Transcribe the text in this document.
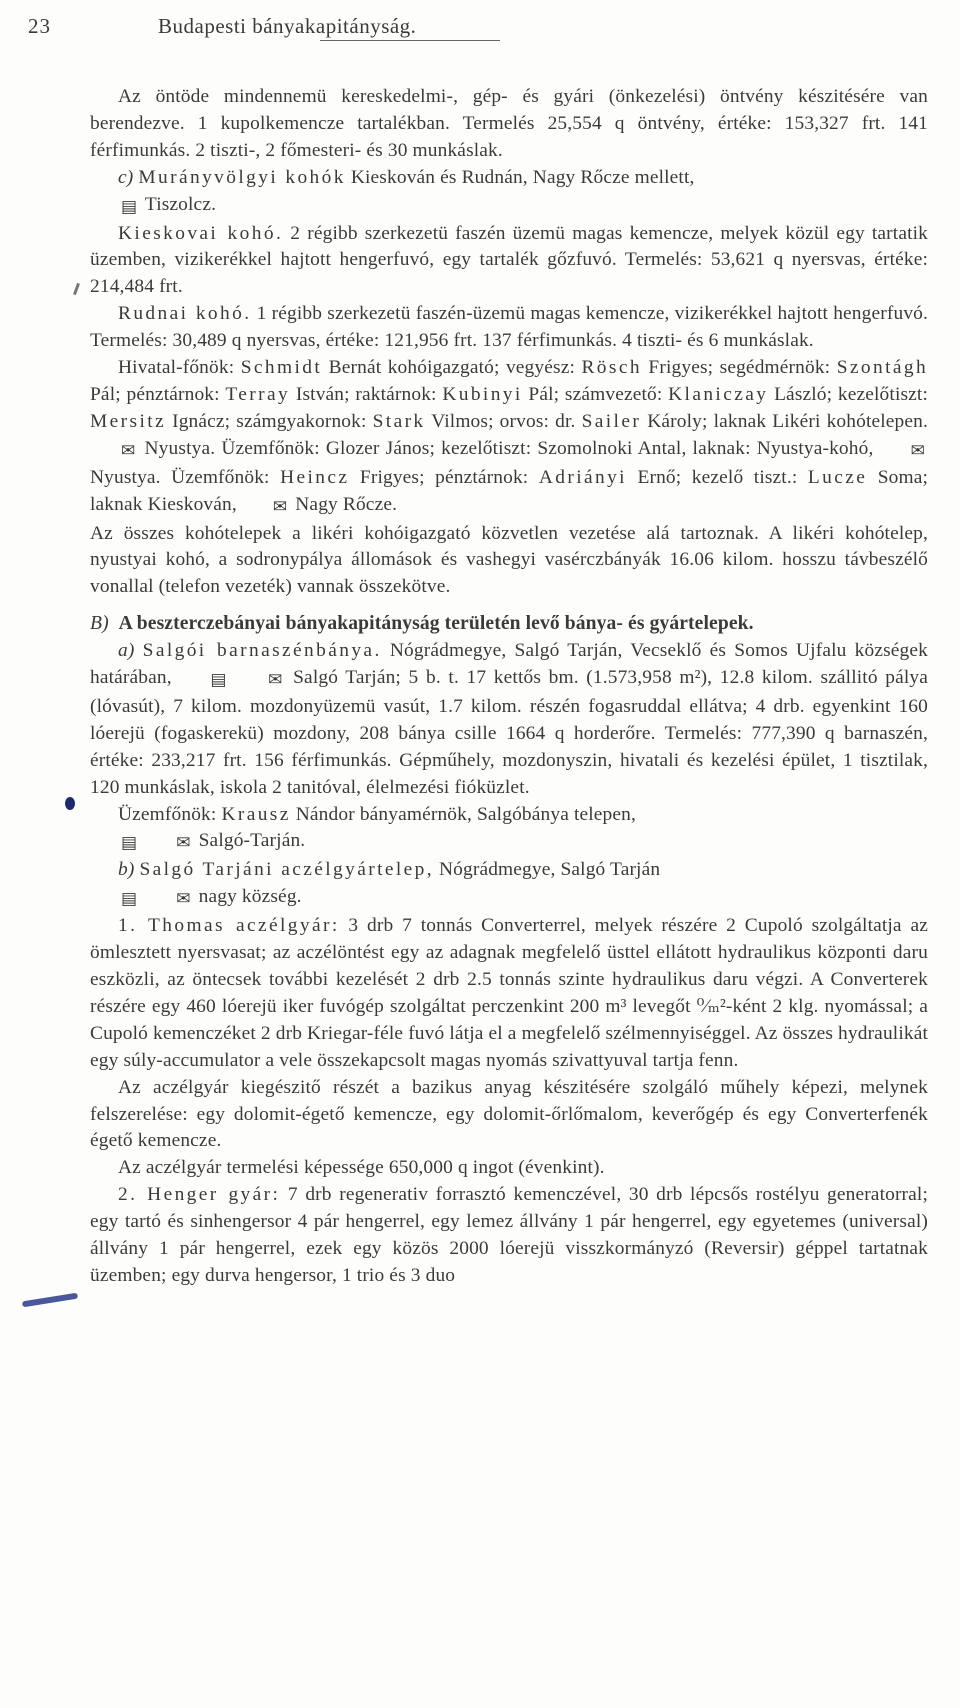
23	Budapesti bányakapitányság.

Az öntöde mindennemü kereskedelmi-, gép- és gyári (önkezelési) öntvény készitésére van berendezve. 1 kupolkemencze tartalékban. Termelés 25,554 q öntvény, értéke: 153,327 frt. 141 férfimunkás. 2 tiszti-, 2 főmesteri- és 30 munkáslak.

c) Murányvölgyi kohók Kieskován és Rudnán, Nagy Rőcze mellett,
▤ Tiszolcz.

Kieskovai kohó. 2 régibb szerkezetü faszén üzemü magas kemencze, melyek közül egy tartatik üzemben, vizikerékkel hajtott hengerfuvó, egy tartalék gőzfuvó. Termelés: 53,621 q nyersvas, értéke: 214,484 frt.

Rudnai kohó. 1 régibb szerkezetü faszén-üzemü magas kemencze, vizikerékkel hajtott hengerfuvó. Termelés: 30,489 q nyersvas, értéke: 121,956 frt. 137 férfimunkás. 4 tiszti- és 6 munkáslak.

Hivatal-főnök: Schmidt Bernát kohóigazgató; vegyész: Rösch Frigyes; segédmérnök: Szontágh Pál; pénztárnok: Terray István; raktárnok: Kubinyi Pál; számvezető: Klaniczay László; kezelőtiszt: Mersitz Ignácz; számgyakornok: Stark Vilmos; orvos: dr. Sailer Károly; laknak Likéri kohótelepen. ✉ Nyustya. Üzemfőnök: Glozer János; kezelőtiszt: Szomolnoki Antal, laknak: Nyustya-kohó, ✉ Nyustya. Üzemfőnök: Heincz Frigyes; pénztárnok: Adriányi Ernő; kezelő tiszt.: Lucze Soma; laknak Kieskován, ✉ Nagy Rőcze.

Az összes kohótelepek a likéri kohóigazgató közvetlen vezetése alá tartoznak. A likéri kohótelep, nyustyai kohó, a sodronypálya állomások és vashegyi vasérczbányák 16.06 kilom. hosszu távbeszélő vonallal (telefon vezeték) vannak összekötve.

B) A beszterczebányai bányakapitányság területén levő bánya- és gyártelepek.

a) Salgói barnaszénbánya. Nógrádmegye, Salgó Tarján, Vecseklő és Somos Ujfalu községek határában, ▤ ✉ Salgó Tarján; 5 b. t. 17 kettős bm. (1.573,958 m²), 12.8 kilom. szállitó pálya (lóvasút), 7 kilom. mozdonyüzemü vasút, 1.7 kilom. részén fogasruddal ellátva; 4 drb. egyenkint 160 lóerejü (fogaskerekü) mozdony, 208 bánya csille 1664 q horderőre. Termelés: 777,390 q barnaszén, értéke: 233,217 frt. 156 férfimunkás. Gépműhely, mozdonyszin, hivatali és kezelési épület, 1 tisztilak, 120 munkáslak, iskola 2 tanitóval, élelmezési fióküzlet.

Üzemfőnök: Krausz Nándor bányamérnök, Salgóbánya telepen,
▤ ✉ Salgó-Tarján.

b) Salgó Tarjáni aczélgyártelep, Nógrádmegye, Salgó Tarján
▤ ✉ nagy község.

1. Thomas aczélgyár: 3 drb 7 tonnás Converterrel, melyek részére 2 Cupoló szolgáltatja az ömlesztett nyersvasat; az aczélöntést egy az adagnak megfelelő üsttel ellátott hydraulikus központi daru eszközli, az öntecsek további kezelését 2 drb 2.5 tonnás szinte hydraulikus daru végzi. A Converterek részére egy 460 lóerejü iker fuvógép szolgáltat perczenkint 200 m³ levegőt ⁰⁄ₘ²-ként 2 klg. nyomással; a Cupoló kemenczéket 2 drb Kriegar-féle fuvó látja el a megfelelő szélmennyiséggel. Az összes hydraulikát egy súly-accumulator a vele összekapcsolt magas nyomás szivattyuval tartja fenn.

Az aczélgyár kiegészitő részét a bazikus anyag készitésére szolgáló műhely képezi, melynek felszerelése: egy dolomit-égető kemencze, egy dolomit-őrlőmalom, keverőgép és egy Converterfenék égető kemencze.

Az aczélgyár termelési képessége 650,000 q ingot (évenkint).

2. Henger gyár: 7 drb regenerativ forrasztó kemenczével, 30 drb lépcsős rostélyu generatorral; egy tartó és sinhengersor 4 pár hengerrel, egy lemez állvány 1 pár hengerrel, egy egyetemes (universal) állvány 1 pár hengerrel, ezek egy közös 2000 lóerejü visszkormányzó (Reversir) géppel tartatnak üzemben; egy durva hengersor, 1 trio és 3 duo
